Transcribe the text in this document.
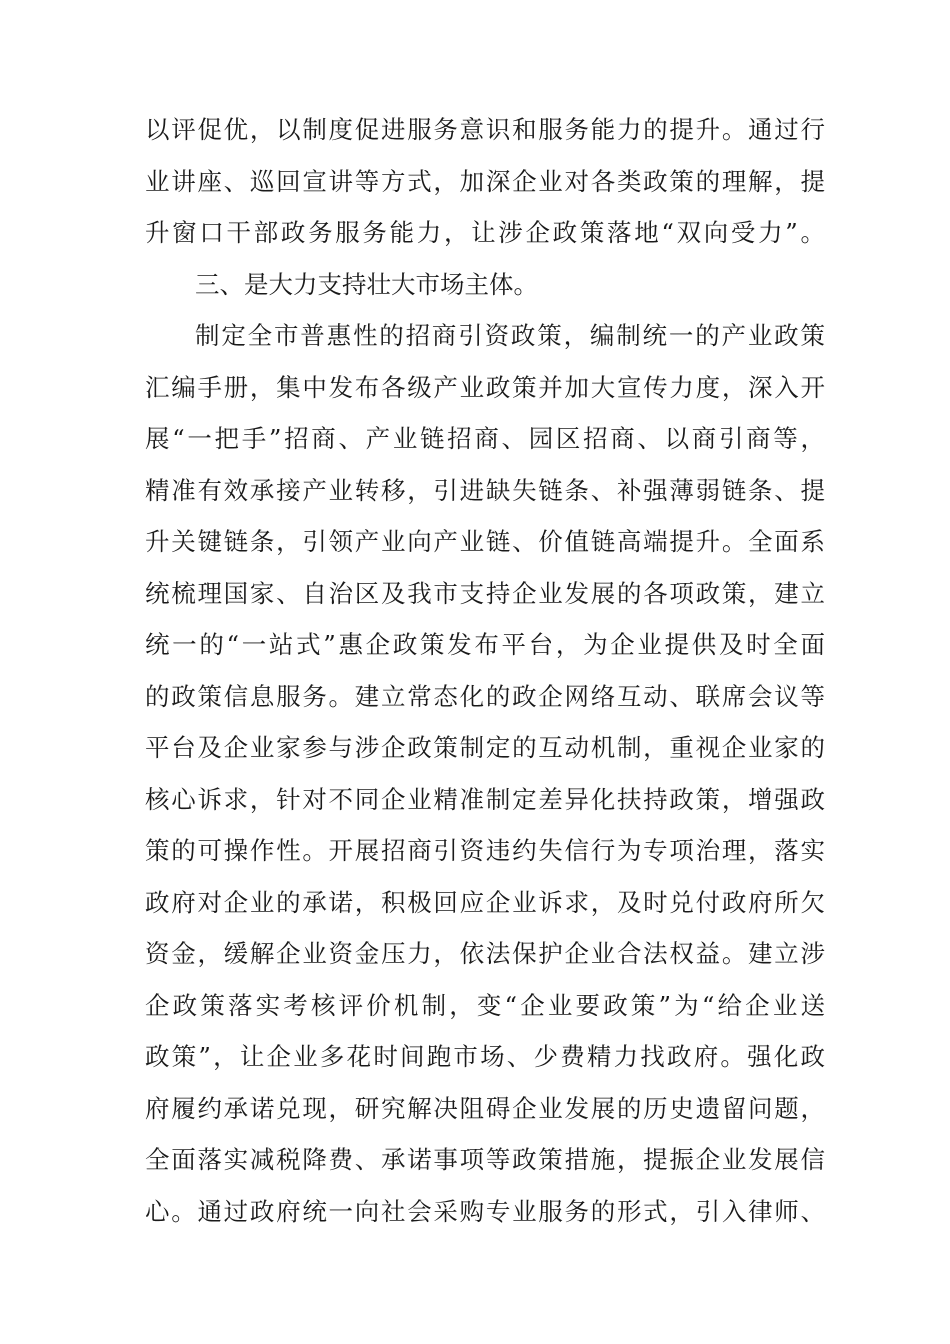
以评促优，以制度促进服务意识和服务能力的提升。通过行
业讲座、巡回宣讲等方式，加深企业对各类政策的理解，提
升窗口干部政务服务能力，让涉企政策落地“双向受力”。
三、是大力支持壮大市场主体。
制定全市普惠性的招商引资政策，编制统一的产业政策
汇编手册，集中发布各级产业政策并加大宣传力度，深入开
展“一把手”招商、产业链招商、园区招商、以商引商等，
精准有效承接产业转移，引进缺失链条、补强薄弱链条、提
升关键链条，引领产业向产业链、价值链高端提升。全面系
统梳理国家、自治区及我市支持企业发展的各项政策，建立
统一的“一站式”惠企政策发布平台，为企业提供及时全面
的政策信息服务。建立常态化的政企网络互动、联席会议等
平台及企业家参与涉企政策制定的互动机制，重视企业家的
核心诉求，针对不同企业精准制定差异化扶持政策，增强政
策的可操作性。开展招商引资违约失信行为专项治理，落实
政府对企业的承诺，积极回应企业诉求，及时兑付政府所欠
资金，缓解企业资金压力，依法保护企业合法权益。建立涉
企政策落实考核评价机制，变“企业要政策”为“给企业送
政策”，让企业多花时间跑市场、少费精力找政府。强化政
府履约承诺兑现，研究解决阻碍企业发展的历史遗留问题，
全面落实减税降费、承诺事项等政策措施，提振企业发展信
心。通过政府统一向社会采购专业服务的形式，引入律师、
